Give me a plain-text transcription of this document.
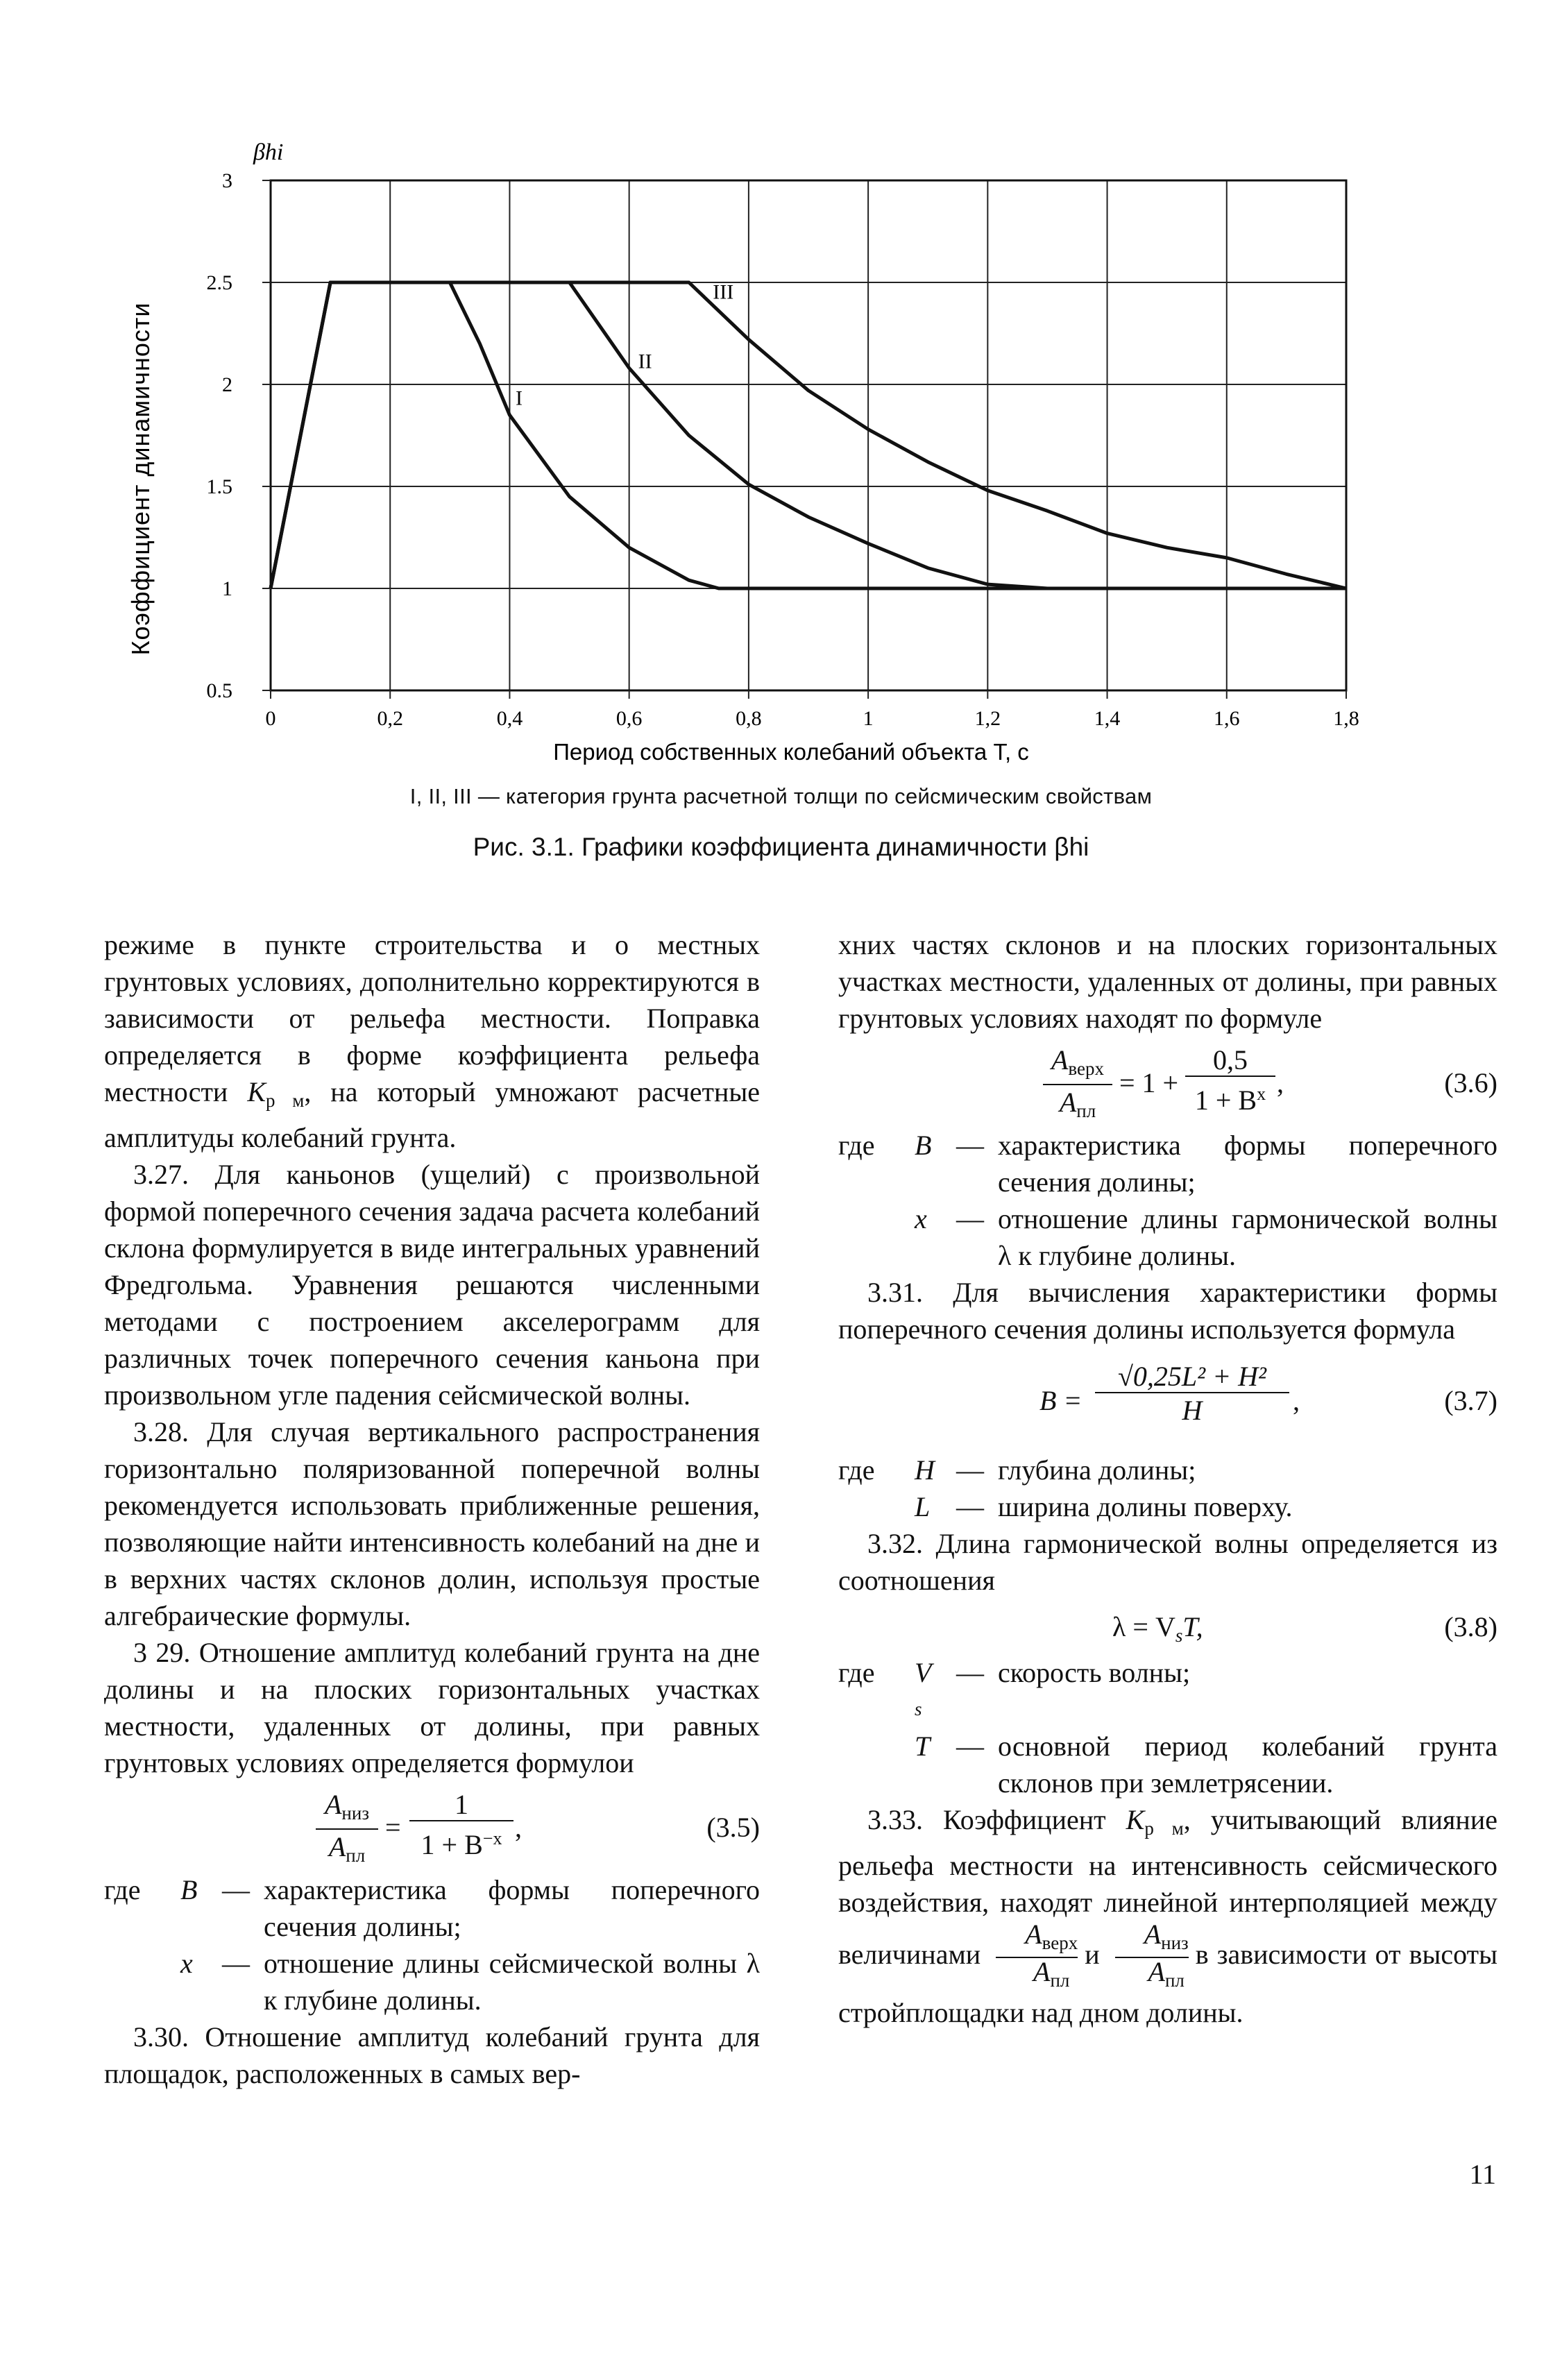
I
II
III
0	0,2	0,4	0,6	0,8	1	1,2	1,4	1,6	1,8
0.5
1
1.5
2
2.5
3
βhi
Коэффициент динамичности
Период собственных колебаний объекта T, с
I, II, III — категория грунта расчетной толщи по сейсмическим свойствам
Рис. 3.1. Графики коэффициента динамичности βhi

режиме в пункте строительства и о местных грунтовых условиях, дополнительно корректируются в зависимости от рельефа местности. Поправка определяется в форме коэффициента рельефа местности $K_{р м}$, на который умножают расчетные амплитуды колебаний грунта.

3.27. Для каньонов (ущелий) с произвольной формой поперечного сечения задача расчета колебаний склона формулируется в виде интегральных уравнений Фредгольма. Уравнения решаются численными методами с построением акселерограмм для различных точек поперечного сечения каньона при произвольном угле падения сейсмической волны.

3.28. Для случая вертикального распространения горизонтально поляризованной поперечной волны рекомендуется использовать приближенные решения, позволяющие найти интенсивность колебаний на дне и в верхних частях склонов долин, используя простые алгебраические формулы.

3 29. Отношение амплитуд колебаний грунта на дне долины и на плоских горизонтальных участках местности, удаленных от долины, при равных грунтовых условиях определяется формулои

$A_{низ}$
$A_{пл}$
= $\frac{1}{1 + B^{-x}}$ ,	(3.5)
где	B — характеристика формы поперечного сечения долины;
x	— отношение длины сейсмической волны λ к глубине долины.

3.30. Отношение амплитуд колебаний грунта для площадок, расположенных в самых вер-

хних частях склонов и на плоских горизонтальных участках местности, удаленных от долины, при равных грунтовых условиях находят по формуле

$A_{верх}$
$A_{пл}$
= $1 + \frac{0,5}{1 + B^x}$ ,	(3.6)
где	B — характеристика формы поперечного сечения долины;
x	— отношение длины гармонической волны λ к глубине долины.

3.31. Для вычисления характеристики формы поперечного сечения долины используется формула

$B = \frac{\text{√0,25L² + H²}}{H}$ ,	(3.7)
где	H — глубина долины;
L — ширина долины поверху.

3.32. Длина гармонической волны определяется из соотношения

$\lambda = V_sT$,	(3.8)
где	V
s
— скорость волны;
T — основной период колебаний грунта склонов при землетрясении.

3.33. Коэффициент $K_{р м}$, учитывающий влияние рельефа местности на интенсивность сейсмического воздействия, находят линейной интерполяцией между величинами
$A_{верх}$
$A_{пл}$
и
$A_{низ}$
$A_{пл}$
в зависимости от высоты стройплощадки над дном долины.

11
